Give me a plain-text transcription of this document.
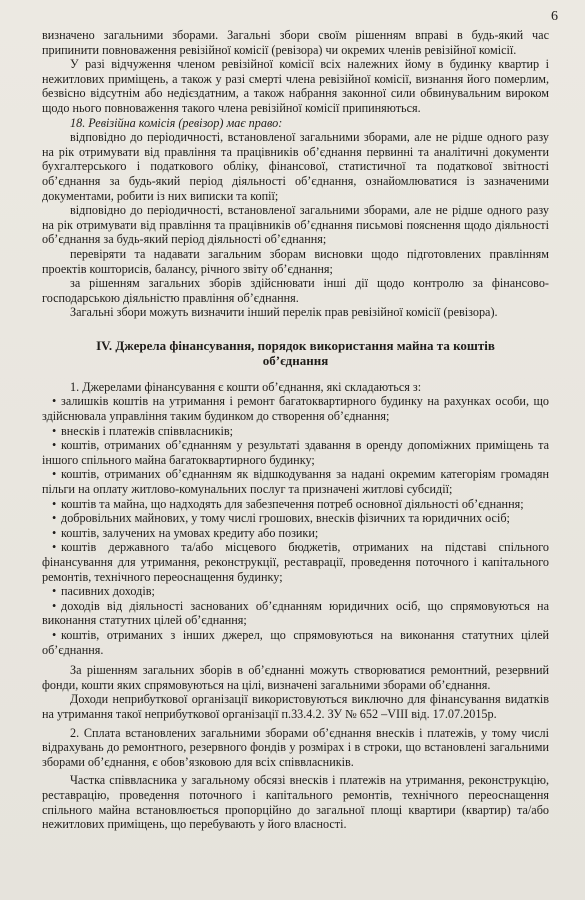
6

визначено загальними зборами. Загальні збори своїм рішенням вправі в будь-який час припинити повноваження ревізійної комісії (ревізора) чи окремих членів ревізійної комісії.

У разі відчуження членом ревізійної комісії всіх належних йому в будинку квартир і нежитлових приміщень, а також у разі смерті члена ревізійної комісії, визнання його померлим, безвісно відсутнім або недієздатним, а також набрання законної сили обвинувальним вироком щодо нього повноваження такого члена ревізійної комісії припиняються.

18. Ревізійна комісія (ревізор) має право:

відповідно до періодичності, встановленої загальними зборами, але не рідше одного разу на рік отримувати від правління та працівників об’єднання первинні та аналітичні документи бухгалтерського і податкового обліку, фінансової, статистичної та податкової звітності об’єднання за будь-який період діяльності об’єднання, ознайомлюватися із зазначеними документами, робити із них виписки та копії;

відповідно до періодичності, встановленої загальними зборами, але не рідше одного разу на рік отримувати від правління та працівників об’єднання письмові пояснення щодо діяльності об’єднання за будь-який період діяльності об’єднання;

перевіряти та надавати загальним зборам висновки щодо підготовлених правлінням проектів кошторисів, балансу, річного звіту об’єднання;

за рішенням загальних зборів здійснювати інші дії щодо контролю за фінансово-господарською діяльністю правління об’єднання.

Загальні збори можуть визначити інший перелік прав ревізійної комісії (ревізора).

IV. Джерела фінансування, порядок використання майна та коштів
об’єднання

1. Джерелами фінансування є кошти об’єднання, які складаються з:

• залишків коштів на утримання і ремонт багатоквартирного будинку на рахунках особи, що здійснювала управління таким будинком до створення об’єднання;

• внесків і платежів співвласників;

• коштів, отриманих об’єднанням у результаті здавання в оренду допоміжних приміщень та іншого спільного майна багатоквартирного будинку;

• коштів, отриманих об’єднанням як відшкодування за надані окремим категоріям громадян пільги на оплату житлово-комунальних послуг та призначені житлові субсидії;

• коштів та майна, що надходять для забезпечення потреб основної діяльності об’єднання;

• добровільних майнових, у тому числі грошових, внесків фізичних та юридичних осіб;

• коштів, залучених на умовах кредиту або позики;

• коштів державного та/або місцевого бюджетів, отриманих на підставі спільного фінансування для утримання, реконструкції, реставрації, проведення поточного і капітального ремонтів, технічного переоснащення будинку;

• пасивних доходів;

• доходів від діяльності заснованих об’єднанням юридичних осіб, що спрямовуються на виконання статутних цілей об’єднання;

• коштів, отриманих з інших джерел, що спрямовуються на виконання статутних цілей об’єднання.

За рішенням загальних зборів в об’єднанні можуть створюватися ремонтний, резервний фонди, кошти яких спрямовуються на цілі, визначені загальними зборами об’єднання.

Доходи неприбуткової організації використовуються виключно для фінансування видатків на утримання такої неприбуткової організації п.33.4.2. ЗУ № 652 –VIII від. 17.07.2015р.

2. Сплата встановлених загальними зборами об’єднання внесків і платежів, у тому числі відрахувань до ремонтного, резервного фондів у розмірах і в строки, що встановлені загальними зборами об’єднання, є обов’язковою для всіх співвласників.

Частка співвласника у загальному обсязі внесків і платежів на утримання, реконструкцію, реставрацію, проведення поточного і капітального ремонтів, технічного переоснащення спільного майна встановлюється пропорційно до загальної площі квартири (квартир) та/або нежитлових приміщень, що перебувають у його власності.
